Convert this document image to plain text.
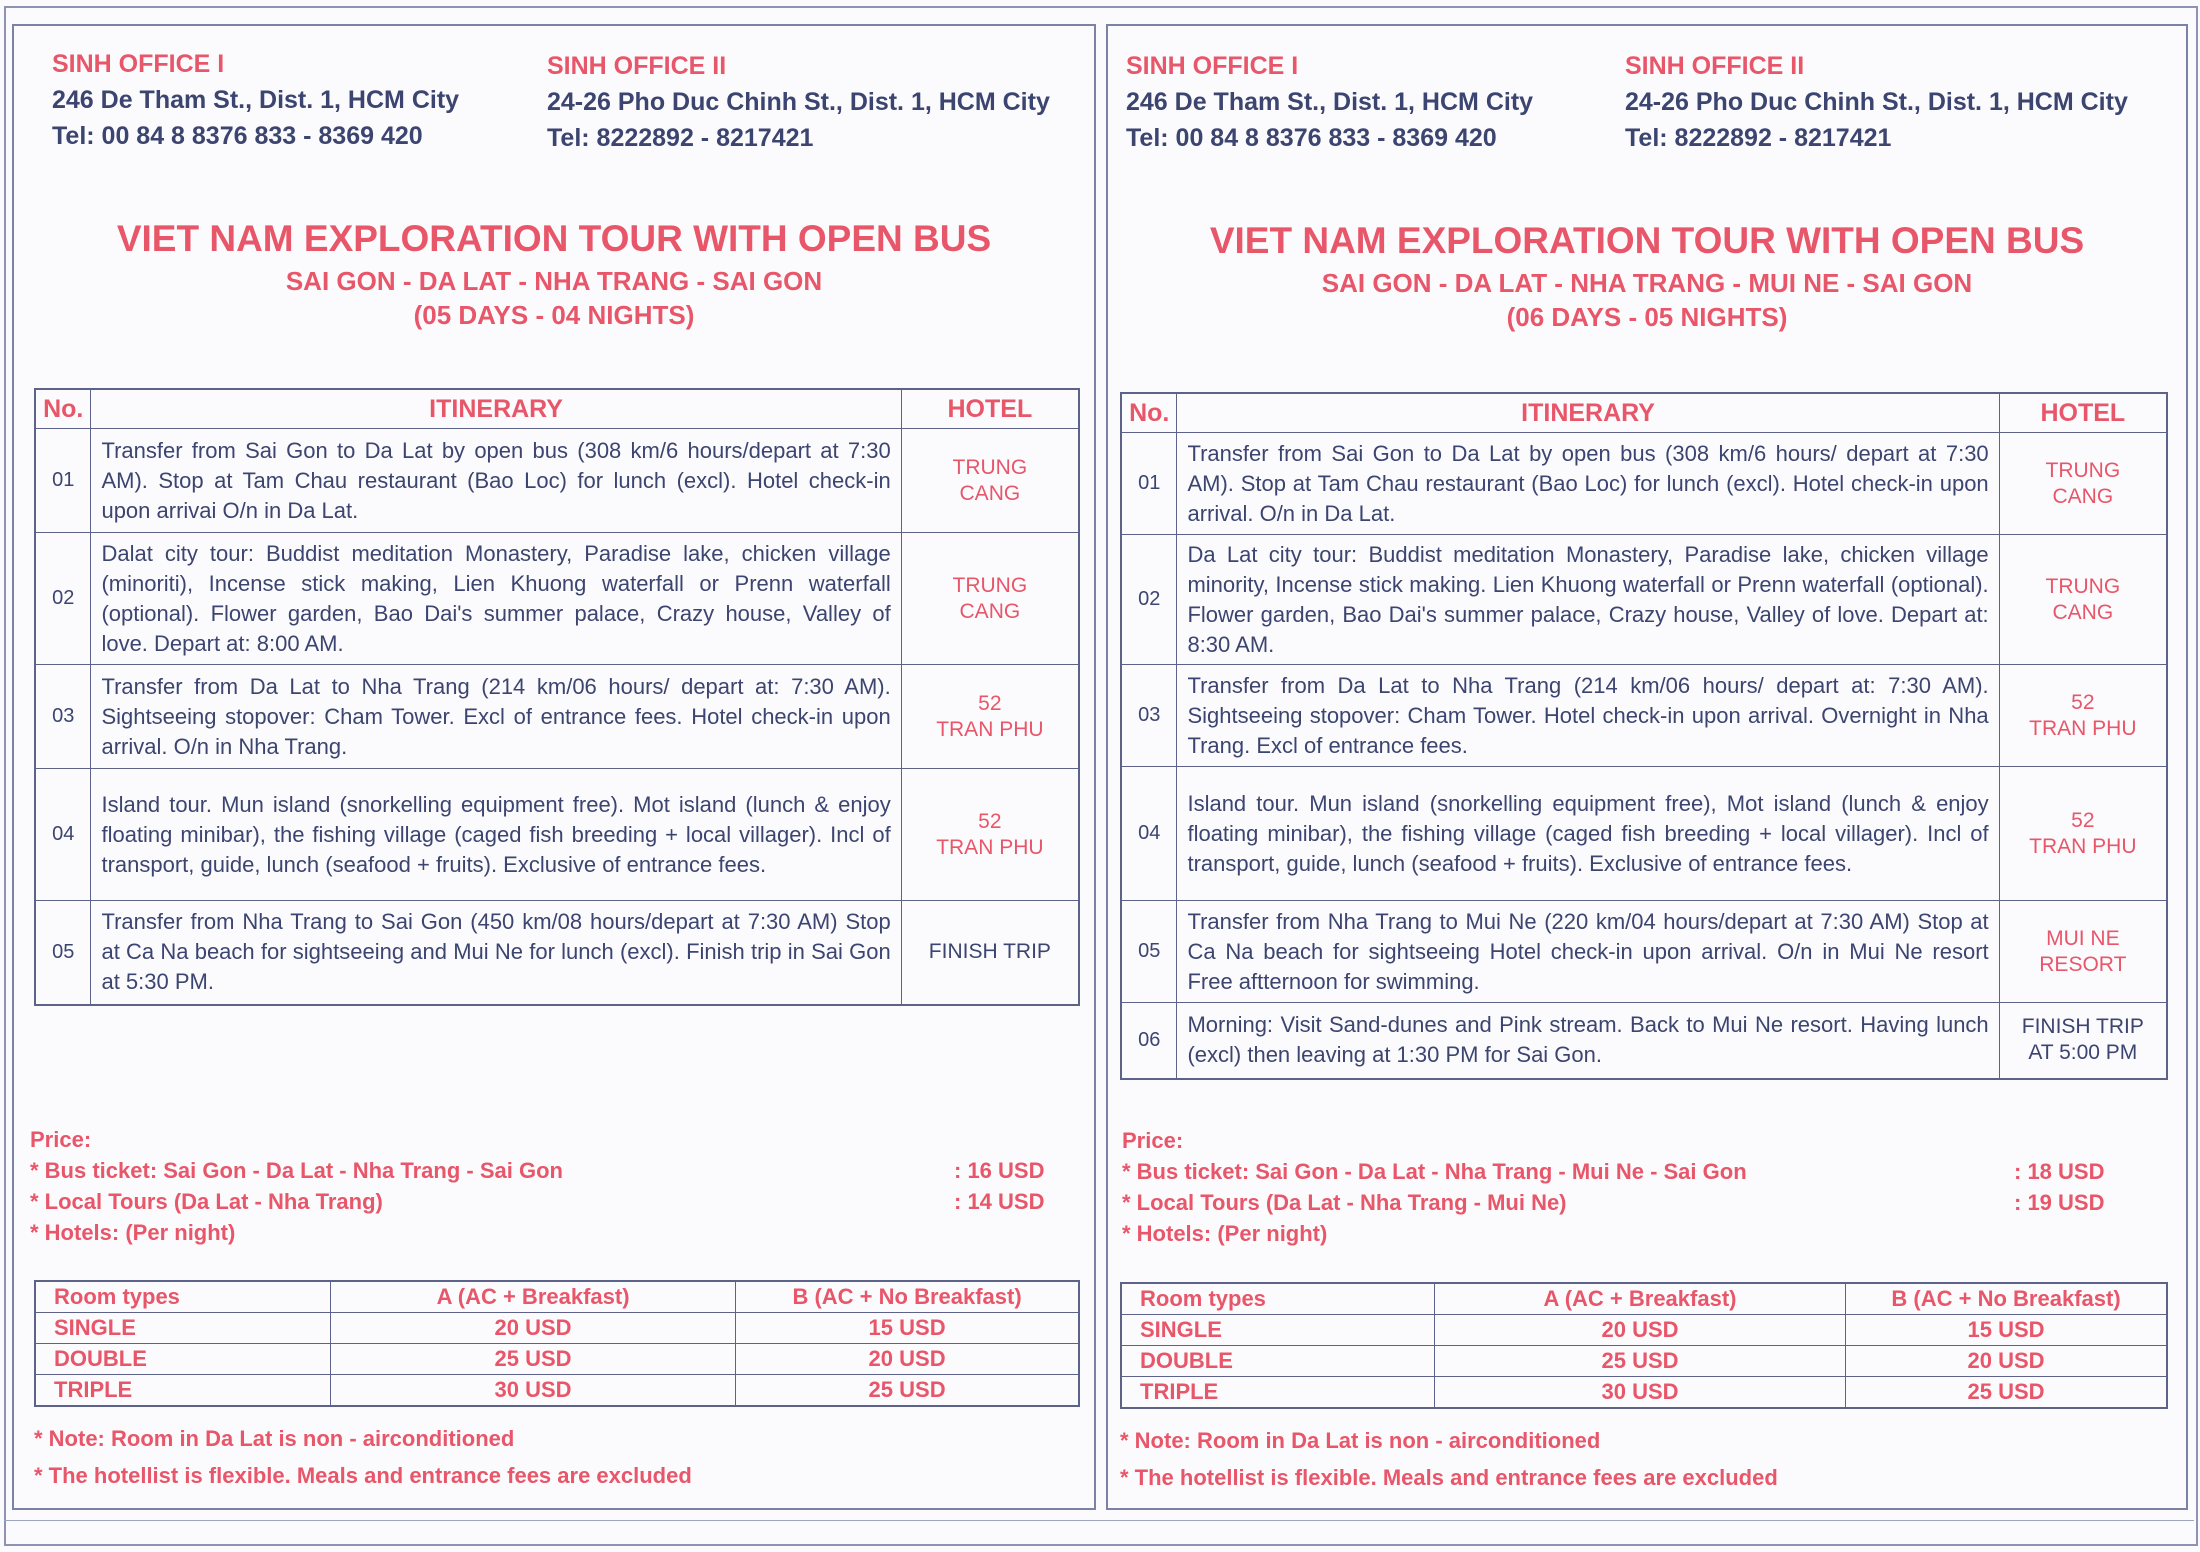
SINH OFFICE I
246 De Tham St., Dist. 1, HCM City
Tel: 00 84 8 8376 833 - 8369 420
SINH OFFICE II
24-26 Pho Duc Chinh St., Dist. 1, HCM City
Tel: 8222892 - 8217421
VIET NAM EXPLORATION TOUR WITH OPEN BUS
SAI GON - DA LAT - NHA TRANG - SAI GON
(05 DAYS - 04 NIGHTS)
No.	ITINERARY	HOTEL
01	Transfer from Sai Gon to Da Lat by open bus (308 km/6 hours/depart at 7:30 AM). Stop at Tam Chau restaurant (Bao Loc) for lunch (excl). Hotel check-in upon arrivai O/n in Da Lat.	TRUNG
CANG

02	Dalat city tour: Buddist meditation Monastery, Paradise lake, chicken village (minoriti), Incense stick making, Lien Khuong waterfall or Prenn waterfall (optional). Flower garden, Bao Dai's summer palace, Crazy house, Valley of love. Depart at: 8:00 AM.	TRUNG
CANG

03	Transfer from Da Lat to Nha Trang (214 km/06 hours/ depart at: 7:30 AM). Sightseeing stopover: Cham Tower. Excl of entrance fees. Hotel check-in upon arrival. O/n in Nha Trang.	52
TRAN PHU

04	Island tour. Mun island (snorkelling equipment free). Mot island (lunch & enjoy floating minibar), the fishing village (caged fish breeding + local villager). Incl of transport, guide, lunch (seafood + fruits). Exclusive of entrance fees.	52
TRAN PHU

05	Transfer from Nha Trang to Sai Gon (450 km/08 hours/depart at 7:30 AM) Stop at Ca Na beach for sightseeing and Mui Ne for lunch (excl). Finish trip in Sai Gon at 5:30 PM.	FINISH TRIP
Price:
* Bus ticket: Sai Gon - Da Lat - Nha Trang - Sai Gon	: 16 USD
* Local Tours (Da Lat - Nha Trang)	: 14 USD
* Hotels: (Per night)
Room types	A (AC + Breakfast)	B (AC + No Breakfast)
SINGLE	20 USD	15 USD
DOUBLE	25 USD	20 USD
TRIPLE	30 USD	25 USD
* Note: Room in Da Lat is non - airconditioned
* The hotellist is flexible. Meals and entrance fees are excluded
SINH OFFICE I
246 De Tham St., Dist. 1, HCM City
Tel: 00 84 8 8376 833 - 8369 420
SINH OFFICE II
24-26 Pho Duc Chinh St., Dist. 1, HCM City
Tel: 8222892 - 8217421
VIET NAM EXPLORATION TOUR WITH OPEN BUS
SAI GON - DA LAT - NHA TRANG - MUI NE - SAI GON
(06 DAYS - 05 NIGHTS)
No.	ITINERARY	HOTEL
01	Transfer from Sai Gon to Da Lat by open bus (308 km/6 hours/ depart at 7:30 AM). Stop at Tam Chau restaurant (Bao Loc) for lunch (excl). Hotel check-in upon arrival. O/n in Da Lat.	TRUNG
CANG

02	Da Lat city tour: Buddist meditation Monastery, Paradise lake, chicken village minority, Incense stick making. Lien Khuong waterfall or Prenn waterfall (optional). Flower garden, Bao Dai's summer palace, Crazy house, Valley of love. Depart at: 8:30 AM.	TRUNG
CANG

03	Transfer from Da Lat to Nha Trang (214 km/06 hours/ depart at: 7:30 AM). Sightseeing stopover: Cham Tower. Hotel check-in upon arrival. Overnight in Nha Trang. Excl of entrance fees.	52
TRAN PHU

04	Island tour. Mun island (snorkelling equipment free), Mot island (lunch & enjoy floating minibar), the fishing village (caged fish breeding + local villager). Incl of transport, guide, lunch (seafood + fruits). Exclusive of entrance fees.	52
TRAN PHU

05	Transfer from Nha Trang to Mui Ne (220 km/04 hours/depart at 7:30 AM) Stop at Ca Na beach for sightseeing Hotel check-in upon arrival. O/n in Mui Ne resort Free aftternoon for swimming.	MUI NE
RESORT

06	Morning: Visit Sand-dunes and Pink stream. Back to Mui Ne resort. Having lunch (excl) then leaving at 1:30 PM for Sai Gon.	FINISH TRIP
AT 5:00 PM
Price:
* Bus ticket: Sai Gon - Da Lat - Nha Trang - Mui Ne - Sai Gon	: 18 USD
* Local Tours (Da Lat - Nha Trang - Mui Ne)	: 19 USD
* Hotels: (Per night)
Room types	A (AC + Breakfast)	B (AC + No Breakfast)
SINGLE	20 USD	15 USD
DOUBLE	25 USD	20 USD
TRIPLE	30 USD	25 USD
* Note: Room in Da Lat is non - airconditioned
* The hotellist is flexible. Meals and entrance fees are excluded
